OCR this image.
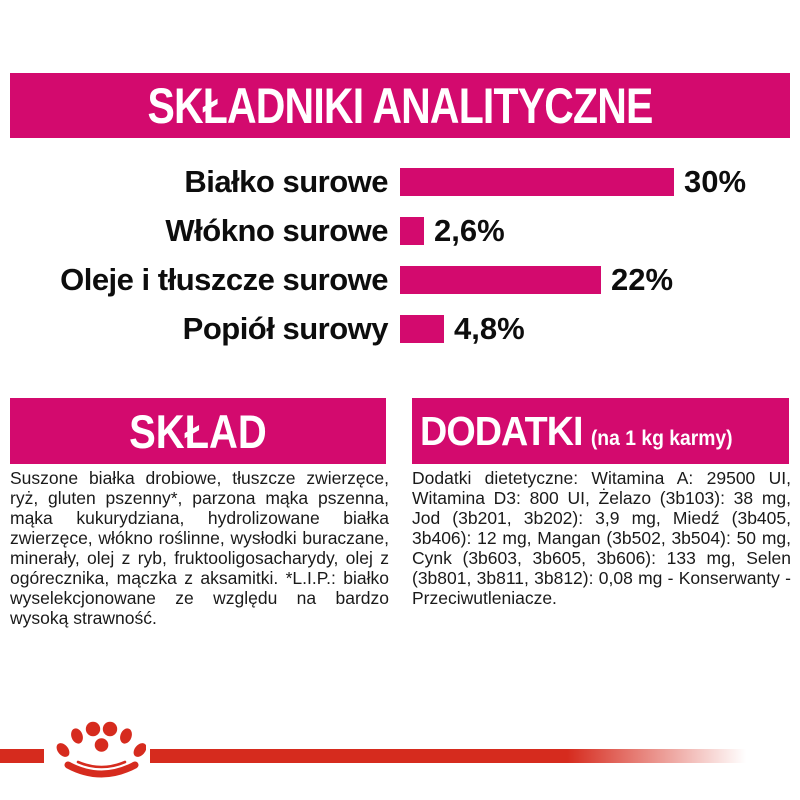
SKŁADNIKI ANALITYCZNE
Białko surowe	30%
Włókno surowe 2,6%
Oleje i tłuszcze surowe	22%
Popiół surowy 4,8%
SKŁAD	DODATKI (na 1 kg karmy)
Suszone białka drobiowe, tłuszcze zwierzęce, ryż, gluten pszenny*, parzona mąka pszenna, mąka kukurydziana, hydrolizowane białka zwierzęce, włókno roślinne, wysłodki buraczane, minerały, olej z ryb, fruktooligosacharydy, olej z ogórecznika, mączka z aksamitki. *L.I.P.: białko wyselekcjonowane ze względu na bardzo wysoką strawność.
Dodatki dietetyczne: Witamina A: 29500 UI, Witamina D3: 800 UI, Żelazo (3b103): 38 mg, Jod (3b201, 3b202): 3,9 mg, Miedź (3b405, 3b406): 12 mg, Mangan (3b502, 3b504): 50 mg, Cynk (3b603, 3b605, 3b606): 133 mg, Selen (3b801, 3b811, 3b812): 0,08 mg - Konserwanty - Przeciwutleniacze.
